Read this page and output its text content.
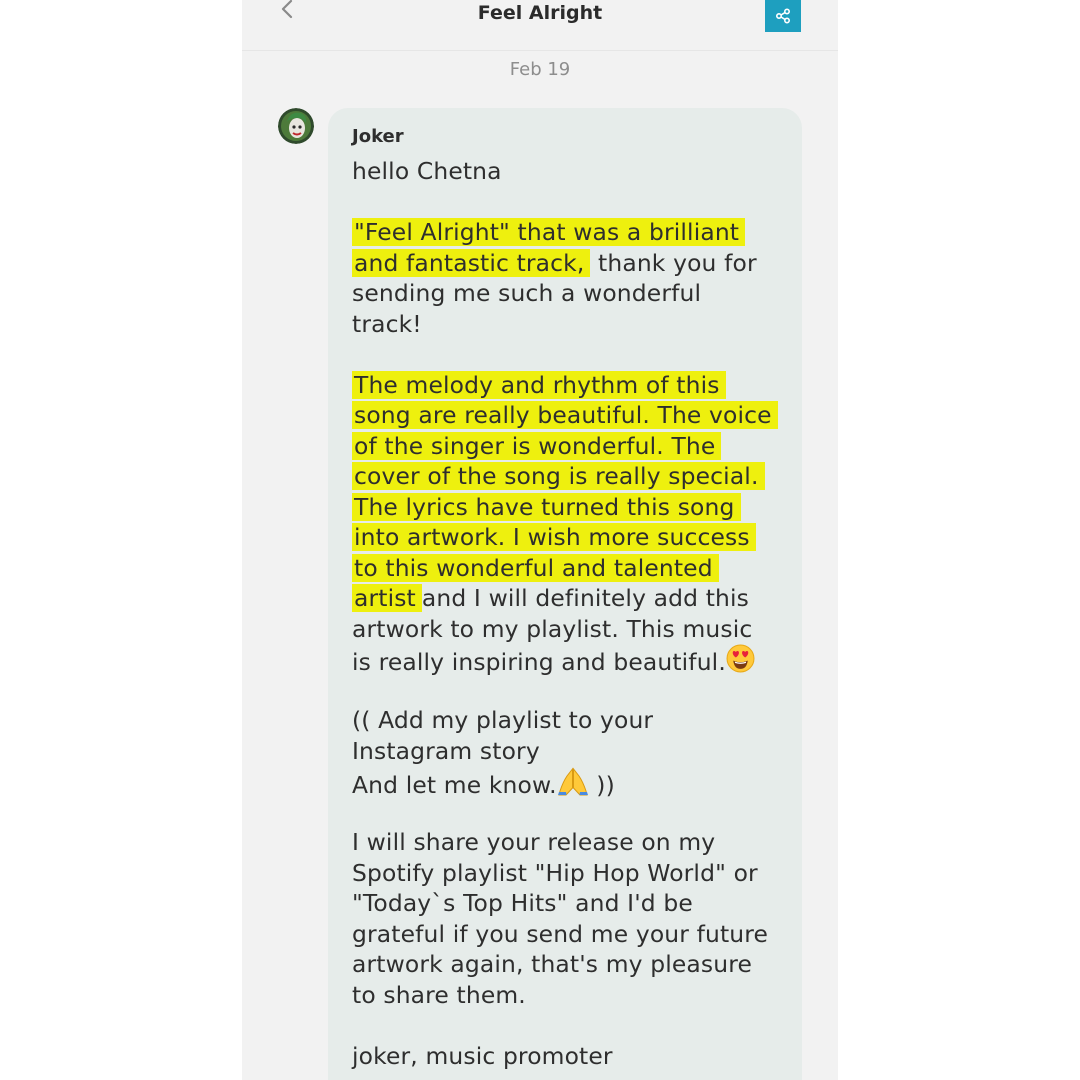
Feel Alright
Feb 19
Joker
hello Chetna
"Feel Alright" that was a brilliant
and fantastic track, thank you for
sending me such a wonderful
track!
The melody and rhythm of this
song are really beautiful. The voice
of the singer is wonderful. The
cover of the song is really special.
The lyrics have turned this song
into artwork. I wish more success
to this wonderful and talented
artist and I will definitely add this
artwork to my playlist. This music
is really inspiring and beautiful.
(( Add my playlist to your
Instagram story
And let me know. ))
I will share your release on my
Spotify playlist "Hip Hop World" or
"Today`s Top Hits" and I'd be
grateful if you send me your future
artwork again, that's my pleasure
to share them.
joker, music promoter
